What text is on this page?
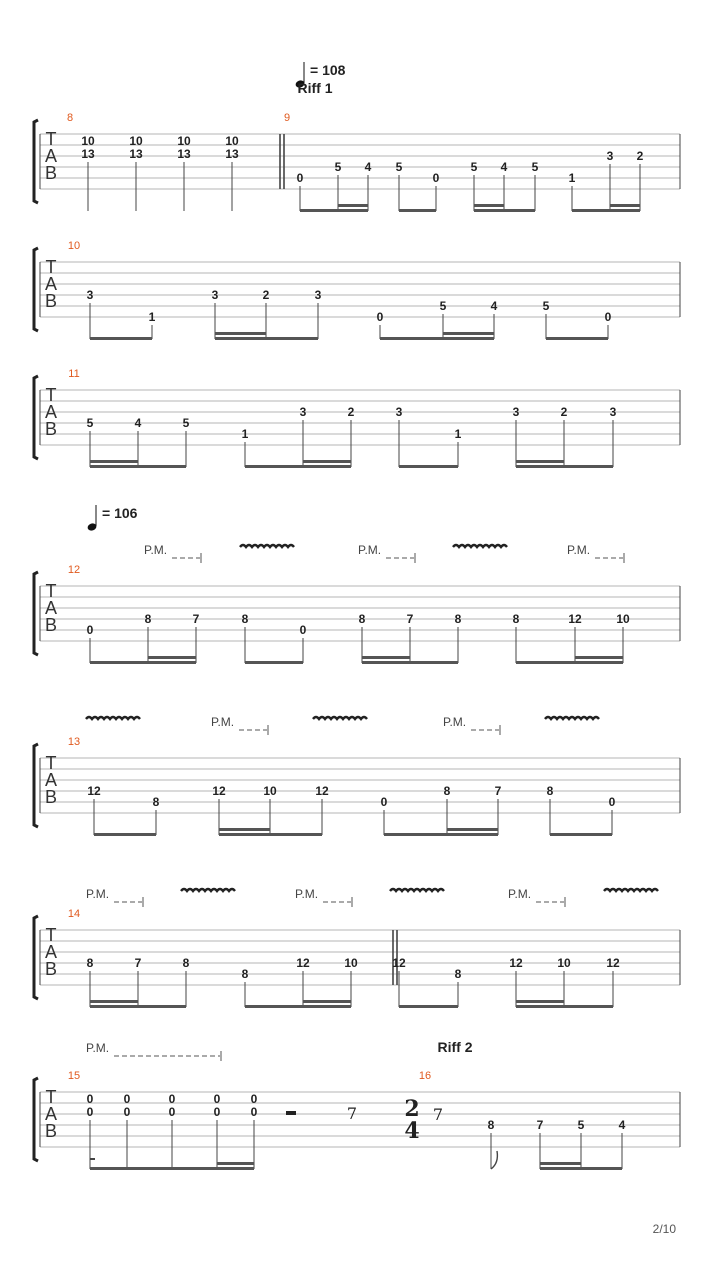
T
A
B
= 108
Riff 1
8
10
13
10
13
10
13
10
13
9
0
5 4 5
0
5 4 5
1
3 2
T
A
B
10
3
1
3	2	3
0
5	4	5
0
T
A
B
11
5	4	5
1
3	2	3
1
3	2	3
T
A
B
= 106
P.M.	P.M.	P.M.
12
0
8	7	8
0
8	7	8	8	12	10
T
A
B
P.M.	P.M.
13
12
8
12	10	12
0
8	7	8
0
T
A
B
P.M.	P.M.	P.M.
14
8	7	8
8
12	10	12
8
12	10	12
T
A
B
Riff 2
P.M.
15
0
0
0
0
0
0
0
0
0
0	7
16
2
4
7
8	7	5	4
2/10
